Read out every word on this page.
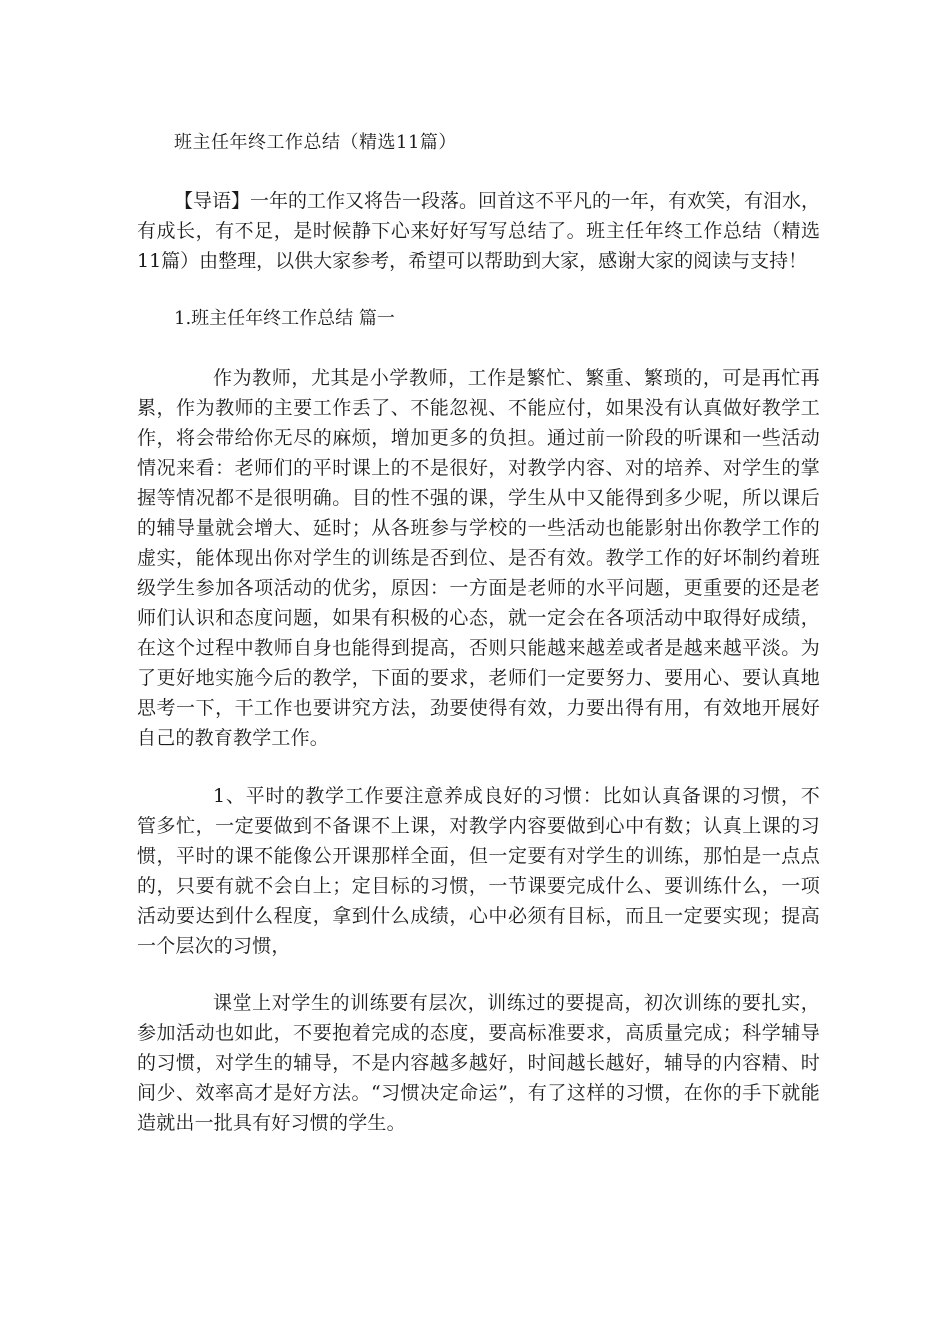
班主任年终工作总结（精选11篇）

【导语】一年的工作又将告一段落。回首这不平凡的一年，有欢笑，有泪水，有成长，有不足，是时候静下心来好好写写总结了。班主任年终工作总结（精选11篇）由整理，以供大家参考，希望可以帮助到大家，感谢大家的阅读与支持！

1.班主任年终工作总结 篇一

作为教师，尤其是小学教师，工作是繁忙、繁重、繁琐的，可是再忙再累，作为教师的主要工作丢了、不能忽视、不能应付，如果没有认真做好教学工作，将会带给你无尽的麻烦，增加更多的负担。通过前一阶段的听课和一些活动情况来看：老师们的平时课上的不是很好，对教学内容、对的培养、对学生的掌握等情况都不是很明确。目的性不强的课，学生从中又能得到多少呢，所以课后的辅导量就会增大、延时；从各班参与学校的一些活动也能影射出你教学工作的虚实，能体现出你对学生的训练是否到位、是否有效。教学工作的好坏制约着班级学生参加各项活动的优劣，原因：一方面是老师的水平问题，更重要的还是老师们认识和态度问题，如果有积极的心态，就一定会在各项活动中取得好成绩，在这个过程中教师自身也能得到提高，否则只能越来越差或者是越来越平淡。为了更好地实施今后的教学，下面的要求，老师们一定要努力、要用心、要认真地思考一下，干工作也要讲究方法，劲要使得有效，力要出得有用，有效地开展好自己的教育教学工作。

1、平时的教学工作要注意养成良好的习惯：比如认真备课的习惯，不管多忙，一定要做到不备课不上课，对教学内容要做到心中有数；认真上课的习惯，平时的课不能像公开课那样全面，但一定要有对学生的训练，那怕是一点点的，只要有就不会白上；定目标的习惯，一节课要完成什么、要训练什么，一项活动要达到什么程度，拿到什么成绩，心中必须有目标，而且一定要实现；提高一个层次的习惯，

课堂上对学生的训练要有层次，训练过的要提高，初次训练的要扎实，参加活动也如此，不要抱着完成的态度，要高标准要求，高质量完成；科学辅导的习惯，对学生的辅导，不是内容越多越好，时间越长越好，辅导的内容精、时间少、效率高才是好方法。“习惯决定命运”，有了这样的习惯，在你的手下就能造就出一批具有好习惯的学生。
